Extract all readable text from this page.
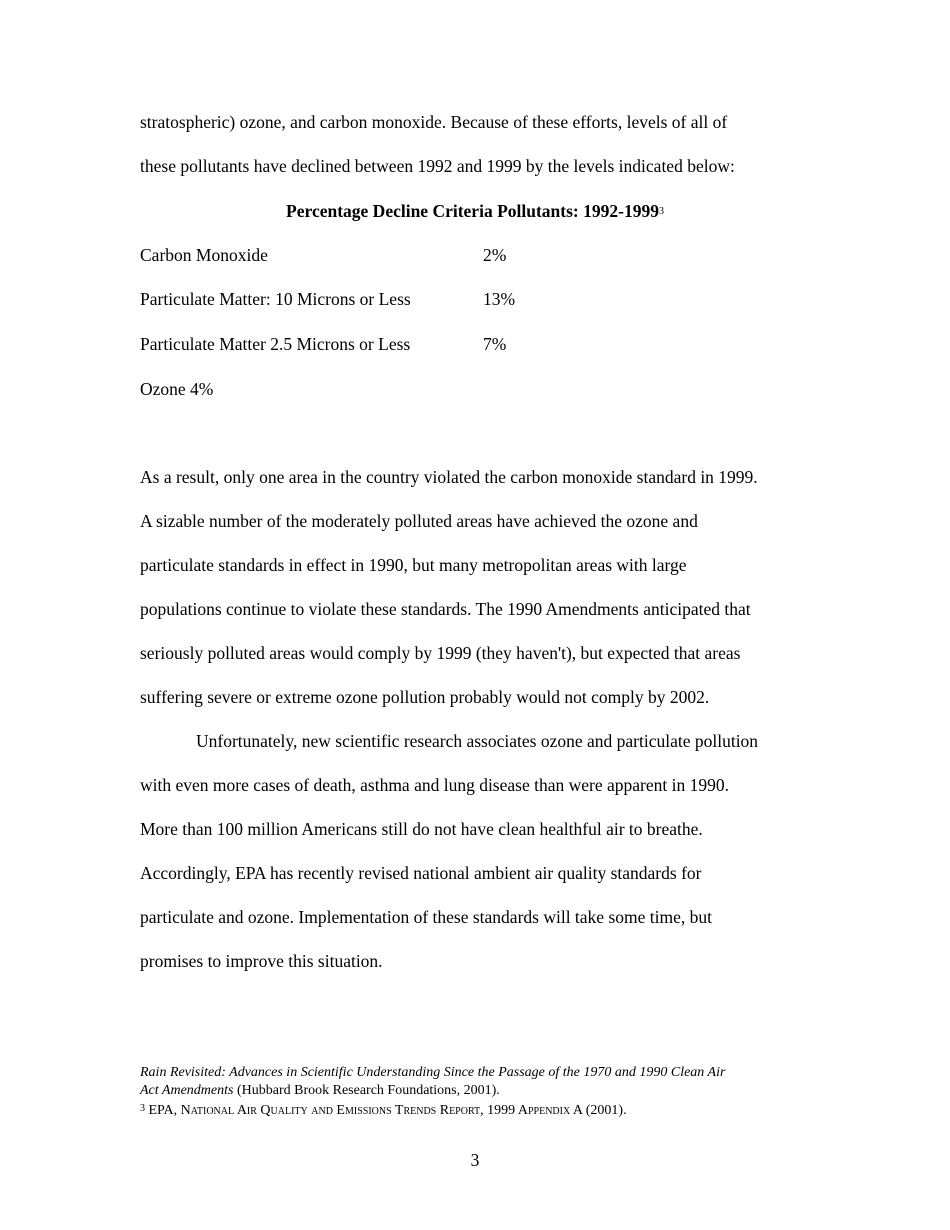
stratospheric) ozone, and carbon monoxide. Because of these efforts, levels of all of
these pollutants have declined between 1992 and 1999 by the levels indicated below:
Percentage Decline Criteria Pollutants: 1992-1999$^3$
Carbon Monoxide	2%
Particulate Matter: 10 Microns or Less	13%
Particulate Matter 2.5 Microns or Less	7%
Ozone 4%
As a result, only one area in the country violated the carbon monoxide standard in 1999.
A sizable number of the moderately polluted areas have achieved the ozone and
particulate standards in effect in 1990, but many metropolitan areas with large
populations continue to violate these standards. The 1990 Amendments anticipated that
seriously polluted areas would comply by 1999 (they haven't), but expected that areas
suffering severe or extreme ozone pollution probably would not comply by 2002.
Unfortunately, new scientific research associates ozone and particulate pollution
with even more cases of death, asthma and lung disease than were apparent in 1990.
More than 100 million Americans still do not have clean healthful air to breathe.
Accordingly, EPA has recently revised national ambient air quality standards for
particulate and ozone. Implementation of these standards will take some time, but
promises to improve this situation.
Rain Revisited: Advances in Scientific Understanding Since the Passage of the 1970 and 1990 Clean Air
Act Amendments (Hubbard Brook Research Foundations, 2001).
$^3$ EPA, National Air Quality and Emissions Trends Report, 1999 Appendix A (2001).
3
